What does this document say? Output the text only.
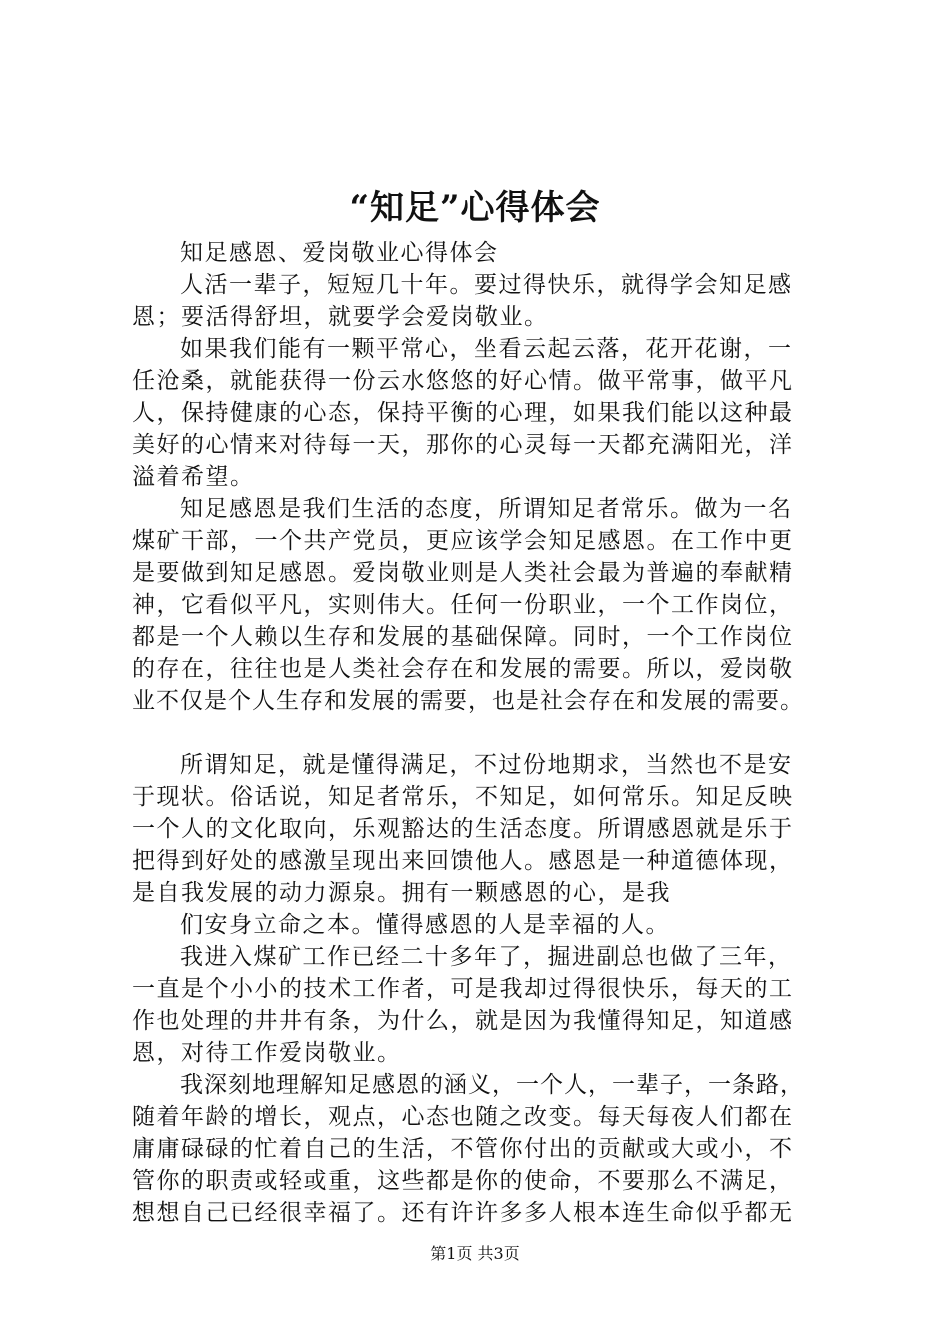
“知足”心得体会
知足感恩、爱岗敬业心得体会
人活一辈子，短短几十年。要过得快乐，就得学会知足感
恩；要活得舒坦，就要学会爱岗敬业。
如果我们能有一颗平常心，坐看云起云落，花开花谢，一
任沧桑，就能获得一份云水悠悠的好心情。做平常事，做平凡
人，保持健康的心态，保持平衡的心理，如果我们能以这种最
美好的心情来对待每一天，那你的心灵每一天都充满阳光，洋
溢着希望。
知足感恩是我们生活的态度，所谓知足者常乐。做为一名
煤矿干部，一个共产党员，更应该学会知足感恩。在工作中更
是要做到知足感恩。爱岗敬业则是人类社会最为普遍的奉献精
神，它看似平凡，实则伟大。任何一份职业，一个工作岗位，
都是一个人赖以生存和发展的基础保障。同时，一个工作岗位
的存在，往往也是人类社会存在和发展的需要。所以，爱岗敬
业不仅是个人生存和发展的需要，也是社会存在和发展的需要。
所谓知足，就是懂得满足，不过份地期求，当然也不是安
于现状。俗话说，知足者常乐，不知足，如何常乐。知足反映
一个人的文化取向，乐观豁达的生活态度。所谓感恩就是乐于
把得到好处的感激呈现出来回馈他人。感恩是一种道德体现，
是自我发展的动力源泉。拥有一颗感恩的心，是我
们安身立命之本。懂得感恩的人是幸福的人。
我进入煤矿工作已经二十多年了，掘进副总也做了三年，
一直是个小小的技术工作者，可是我却过得很快乐，每天的工
作也处理的井井有条，为什么，就是因为我懂得知足，知道感
恩，对待工作爱岗敬业。
我深刻地理解知足感恩的涵义，一个人，一辈子，一条路，
随着年龄的增长，观点，心态也随之改变。每天每夜人们都在
庸庸碌碌的忙着自己的生活，不管你付出的贡献或大或小，不
管你的职责或轻或重，这些都是你的使命，不要那么不满足，
想想自己已经很幸福了。还有许许多多人根本连生命似乎都无
第1页 共3页
